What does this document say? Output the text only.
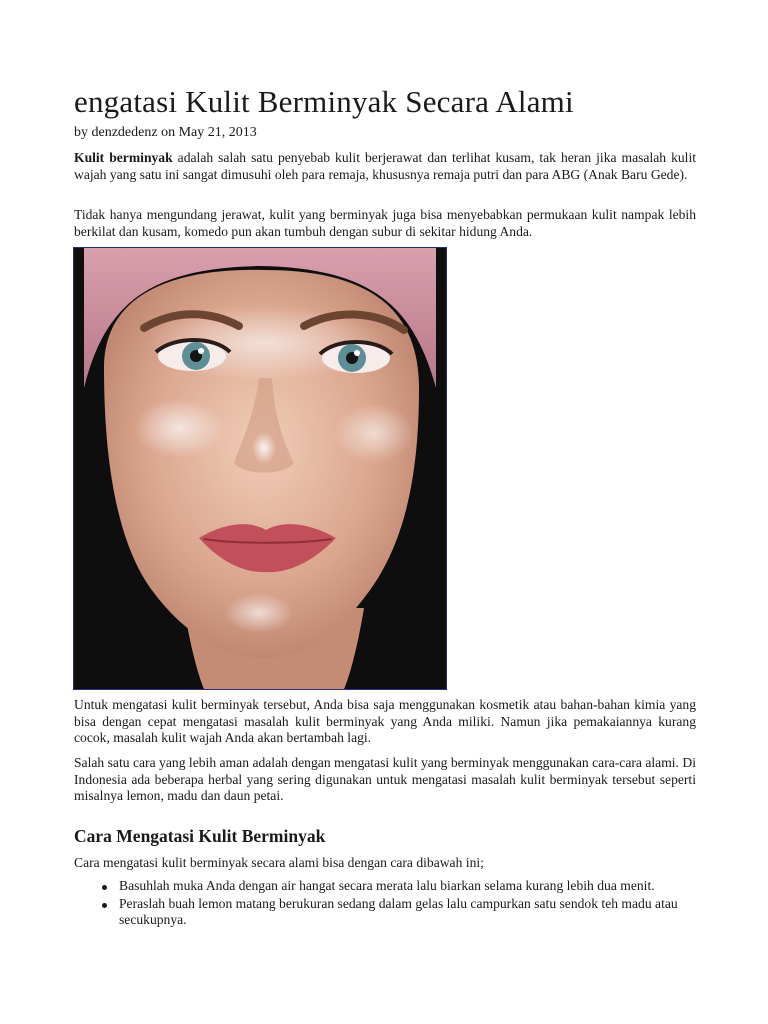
engatasi Kulit Berminyak Secara Alami

by denzdedenz on May 21, 2013

Kulit berminyak adalah salah satu penyebab kulit berjerawat dan terlihat kusam, tak heran jika masalah kulit wajah yang satu ini sangat dimusuhi oleh para remaja, khususnya remaja putri dan para ABG (Anak Baru Gede).

Tidak hanya mengundang jerawat, kulit yang berminyak juga bisa menyebabkan permukaan kulit nampak lebih berkilat dan kusam, komedo pun akan tumbuh dengan subur di sekitar hidung Anda.

Untuk mengatasi kulit berminyak tersebut, Anda bisa saja menggunakan kosmetik atau bahan-bahan kimia yang bisa dengan cepat mengatasi masalah kulit berminyak yang Anda miliki. Namun jika pemakaiannya kurang cocok, masalah kulit wajah Anda akan bertambah lagi.

Salah satu cara yang lebih aman adalah dengan mengatasi kulit yang berminyak menggunakan cara-cara alami. Di Indonesia ada beberapa herbal yang sering digunakan untuk mengatasi masalah kulit berminyak tersebut seperti misalnya lemon, madu dan daun petai.

Cara Mengatasi Kulit Berminyak

Cara mengatasi kulit berminyak secara alami bisa dengan cara dibawah ini;

Basuhlah muka Anda dengan air hangat secara merata lalu biarkan selama kurang lebih dua menit.
Peraslah buah lemon matang berukuran sedang dalam gelas lalu campurkan satu sendok teh madu atau secukupnya.
